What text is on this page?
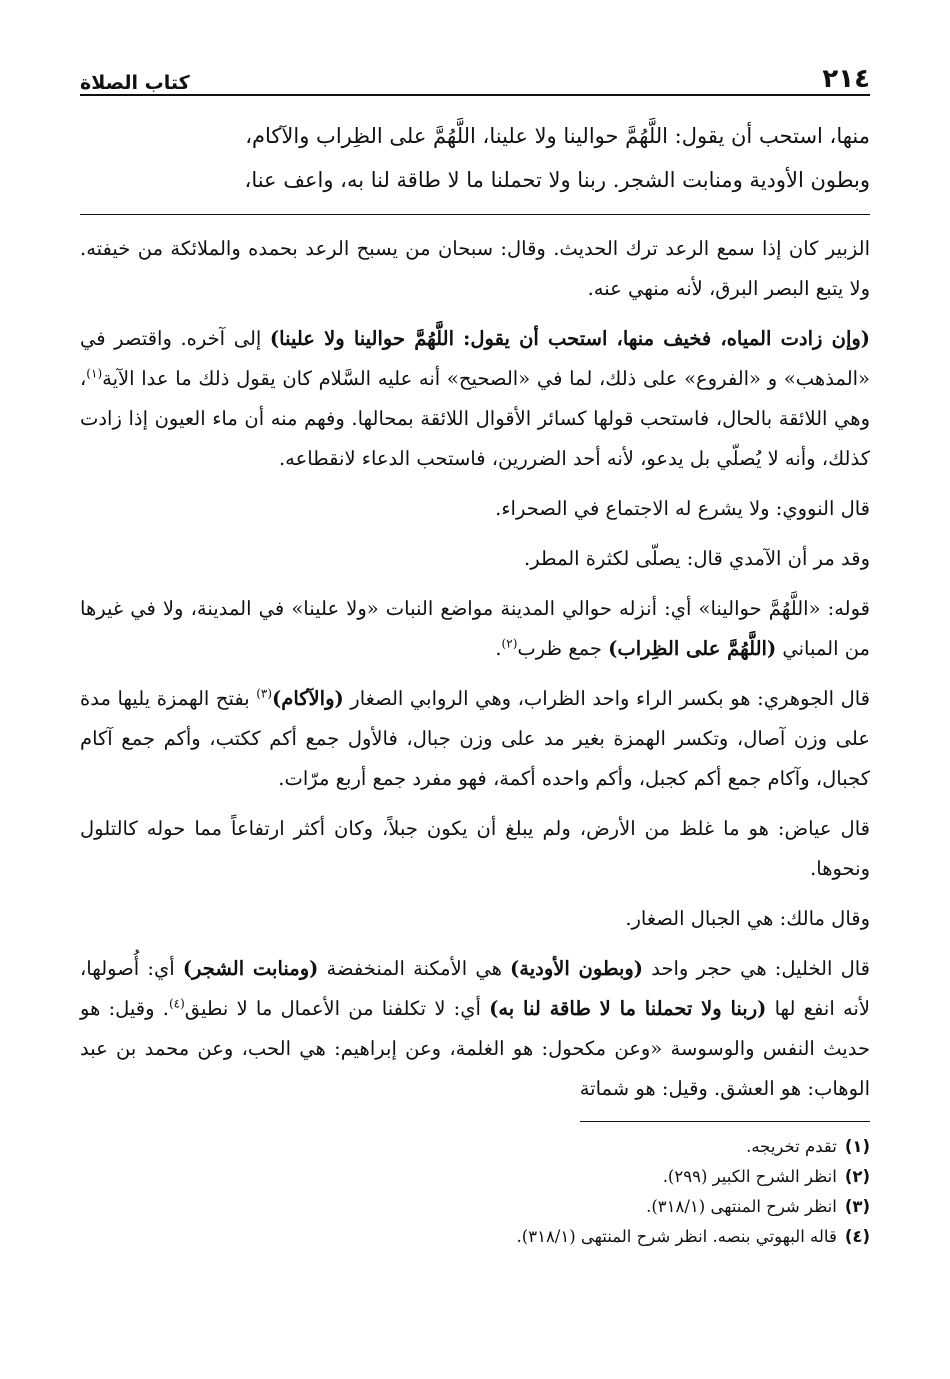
٢١٤
كتاب الصلاة
منها، استحب أن يقول: اللَّهُمَّ حوالينا ولا علينا، اللَّهُمَّ على الظِراب والآكام،
وبطون الأودية ومنابت الشجر. ربنا ولا تحملنا ما لا طاقة لنا به، واعف عنا،

الزبير كان إذا سمع الرعد ترك الحديث. وقال: سبحان من يسبح الرعد بحمده والملائكة من خيفته. ولا يتبع البصر البرق، لأنه منهي عنه.

(وإن زادت المياه، فخيف منها، استحب أن يقول: اللَّهُمَّ حوالينا ولا علينا) إلى آخره. واقتصر في «المذهب» و «الفروع» على ذلك، لما في «الصحيح» أنه عليه السَّلام كان يقول ذلك ما عدا الآية$^{(١)}$، وهي اللائقة بالحال، فاستحب قولها كسائر الأقوال اللائقة بمحالها. وفهم منه أن ماء العيون إذا زادت كذلك، وأنه لا يُصلّي بل يدعو، لأنه أحد الضررين، فاستحب الدعاء لانقطاعه.

قال النووي: ولا يشرع له الاجتماع في الصحراء.

وقد مر أن الآمدي قال: يصلّى لكثرة المطر.

قوله: «اللَّهُمَّ حوالينا» أي: أنزله حوالي المدينة مواضع النبات «ولا علينا» في المدينة، ولا في غيرها من المباني (اللَّهُمَّ على الظِراب) جمع ظرب$^{(٢)}$.

قال الجوهري: هو بكسر الراء واحد الظراب، وهي الروابي الصغار (والآكام)$^{(٣)}$ بفتح الهمزة يليها مدة على وزن آصال، وتكسر الهمزة بغير مد على وزن جبال، فالأول جمع أكم ككتب، وأكم جمع آكام كجبال، وآكام جمع أكم كجبل، وأكم واحده أكمة، فهو مفرد جمع أربع مرّات.

قال عياض: هو ما غلظ من الأرض، ولم يبلغ أن يكون جبلاً، وكان أكثر ارتفاعاً مما حوله كالتلول ونحوها.

وقال مالك: هي الجبال الصغار.

قال الخليل: هي حجر واحد (وبطون الأودية) هي الأمكنة المنخفضة (ومنابت الشجر) أي: أُصولها، لأنه انفع لها (ربنا ولا تحملنا ما لا طاقة لنا به) أي: لا تكلفنا من الأعمال ما لا نطيق$^{(٤)}$. وقيل: هو حديث النفس والوسوسة «وعن مكحول: هو الغلمة، وعن إبراهيم: هي الحب، وعن محمد بن عبد الوهاب: هو العشق. وقيل: هو شماتة

(١)تقدم تخريجه.
(٢)انظر الشرح الكبير (٢٩٩).
(٣)انظر شرح المنتهى (٣١٨/١).
(٤)قاله البهوتي بنصه. انظر شرح المنتهى (٣١٨/١).
